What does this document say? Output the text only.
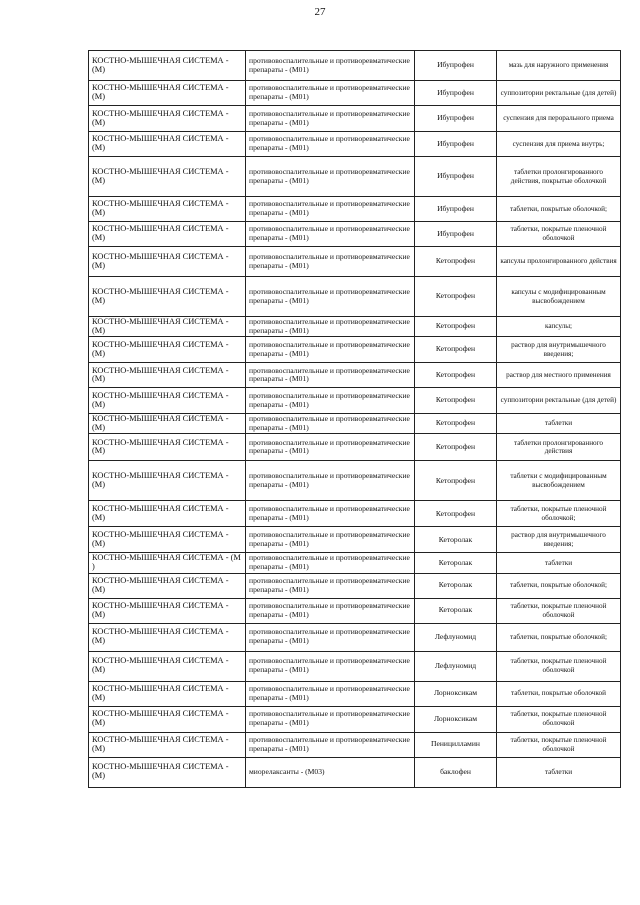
27
КОСТНО-МЫШЕЧНАЯ СИСТЕМА - (М)	противовоспалительные и противоревматические препараты - (М01)	Ибупрофен	мазь для наружного применения
КОСТНО-МЫШЕЧНАЯ СИСТЕМА - (М)	противовоспалительные и противоревматические препараты - (М01)	Ибупрофен	суппозитории ректальные (для детей)
КОСТНО-МЫШЕЧНАЯ СИСТЕМА - (М)	противовоспалительные и противоревматические препараты - (М01)	Ибупрофен	суспензия для перорального приема
КОСТНО-МЫШЕЧНАЯ СИСТЕМА - (М)	противовоспалительные и противоревматические препараты - (М01)	Ибупрофен	суспензия для приема внутрь;
КОСТНО-МЫШЕЧНАЯ СИСТЕМА - (М)	противовоспалительные и противоревматические препараты - (М01)	Ибупрофен	таблетки пролонгированного действия, покрытые оболочкой
КОСТНО-МЫШЕЧНАЯ СИСТЕМА - (М)	противовоспалительные и противоревматические препараты - (М01)	Ибупрофен	таблетки, покрытые оболочкой;
КОСТНО-МЫШЕЧНАЯ СИСТЕМА - (М)	противовоспалительные и противоревматические препараты - (М01)	Ибупрофен	таблетки, покрытые пленочной оболочкой
КОСТНО-МЫШЕЧНАЯ СИСТЕМА - (М)	противовоспалительные и противоревматические препараты - (М01)	Кетопрофен	капсулы пролонгированного действия
КОСТНО-МЫШЕЧНАЯ СИСТЕМА - (М)	противовоспалительные и противоревматические препараты - (М01)	Кетопрофен	капсулы с модифицированным высвобождением
КОСТНО-МЫШЕЧНАЯ СИСТЕМА - (М)	противовоспалительные и противоревматические препараты - (М01)	Кетопрофен	капсулы;
КОСТНО-МЫШЕЧНАЯ СИСТЕМА - (М)	противовоспалительные и противоревматические препараты - (М01)	Кетопрофен	раствор для внутримышечного введения;
КОСТНО-МЫШЕЧНАЯ СИСТЕМА - (М)	противовоспалительные и противоревматические препараты - (М01)	Кетопрофен	раствор для местного применения
КОСТНО-МЫШЕЧНАЯ СИСТЕМА - (М)	противовоспалительные и противоревматические препараты - (М01)	Кетопрофен	суппозитории ректальные (для детей)
КОСТНО-МЫШЕЧНАЯ СИСТЕМА - (М)	противовоспалительные и противоревматические препараты - (М01)	Кетопрофен	таблетки
КОСТНО-МЫШЕЧНАЯ СИСТЕМА - (М)	противовоспалительные и противоревматические препараты - (М01)	Кетопрофен	таблетки пролонгированного действия
КОСТНО-МЫШЕЧНАЯ СИСТЕМА - (М)	противовоспалительные и противоревматические препараты - (М01)	Кетопрофен	таблетки с модифицированным высвобождением
КОСТНО-МЫШЕЧНАЯ СИСТЕМА - (М)	противовоспалительные и противоревматические препараты - (М01)	Кетопрофен	таблетки, покрытые пленочной оболочкой;
КОСТНО-МЫШЕЧНАЯ СИСТЕМА - (М)	противовоспалительные и противоревматические препараты - (М01)	Кеторолак	раствор для внутримышечного введения;
КОСТНО-МЫШЕЧНАЯ СИСТЕМА - (М )	противовоспалительные и противоревматические препараты - (М01)	Кеторолак	таблетки
КОСТНО-МЫШЕЧНАЯ СИСТЕМА - (М)	противовоспалительные и противоревматические препараты - (М01)	Кеторолак	таблетки, покрытые оболочкой;
КОСТНО-МЫШЕЧНАЯ СИСТЕМА - (М)	противовоспалительные и противоревматические препараты - (М01)	Кеторолак	таблетки, покрытые пленочной оболочкой
КОСТНО-МЫШЕЧНАЯ СИСТЕМА - (М)	противовоспалительные и противоревматические препараты - (М01)	Лефлуномид	таблетки, покрытые оболочкой;
КОСТНО-МЫШЕЧНАЯ СИСТЕМА - (М)	противовоспалительные и противоревматические препараты - (М01)	Лефлуномид	таблетки, покрытые пленочной оболочкой
КОСТНО-МЫШЕЧНАЯ СИСТЕМА - (М)	противовоспалительные и противоревматические препараты - (М01)	Лорноксикам	таблетки, покрытые оболочкой
КОСТНО-МЫШЕЧНАЯ СИСТЕМА - (М)	противовоспалительные и противоревматические препараты - (М01)	Лорноксикам	таблетки, покрытые пленочной оболочкой
КОСТНО-МЫШЕЧНАЯ СИСТЕМА - (М)	противовоспалительные и противоревматические препараты - (М01)	Пеницилламин	таблетки, покрытые пленочной оболочкой
КОСТНО-МЫШЕЧНАЯ СИСТЕМА - (М)	миорелаксанты - (М03)	баклофен	таблетки
